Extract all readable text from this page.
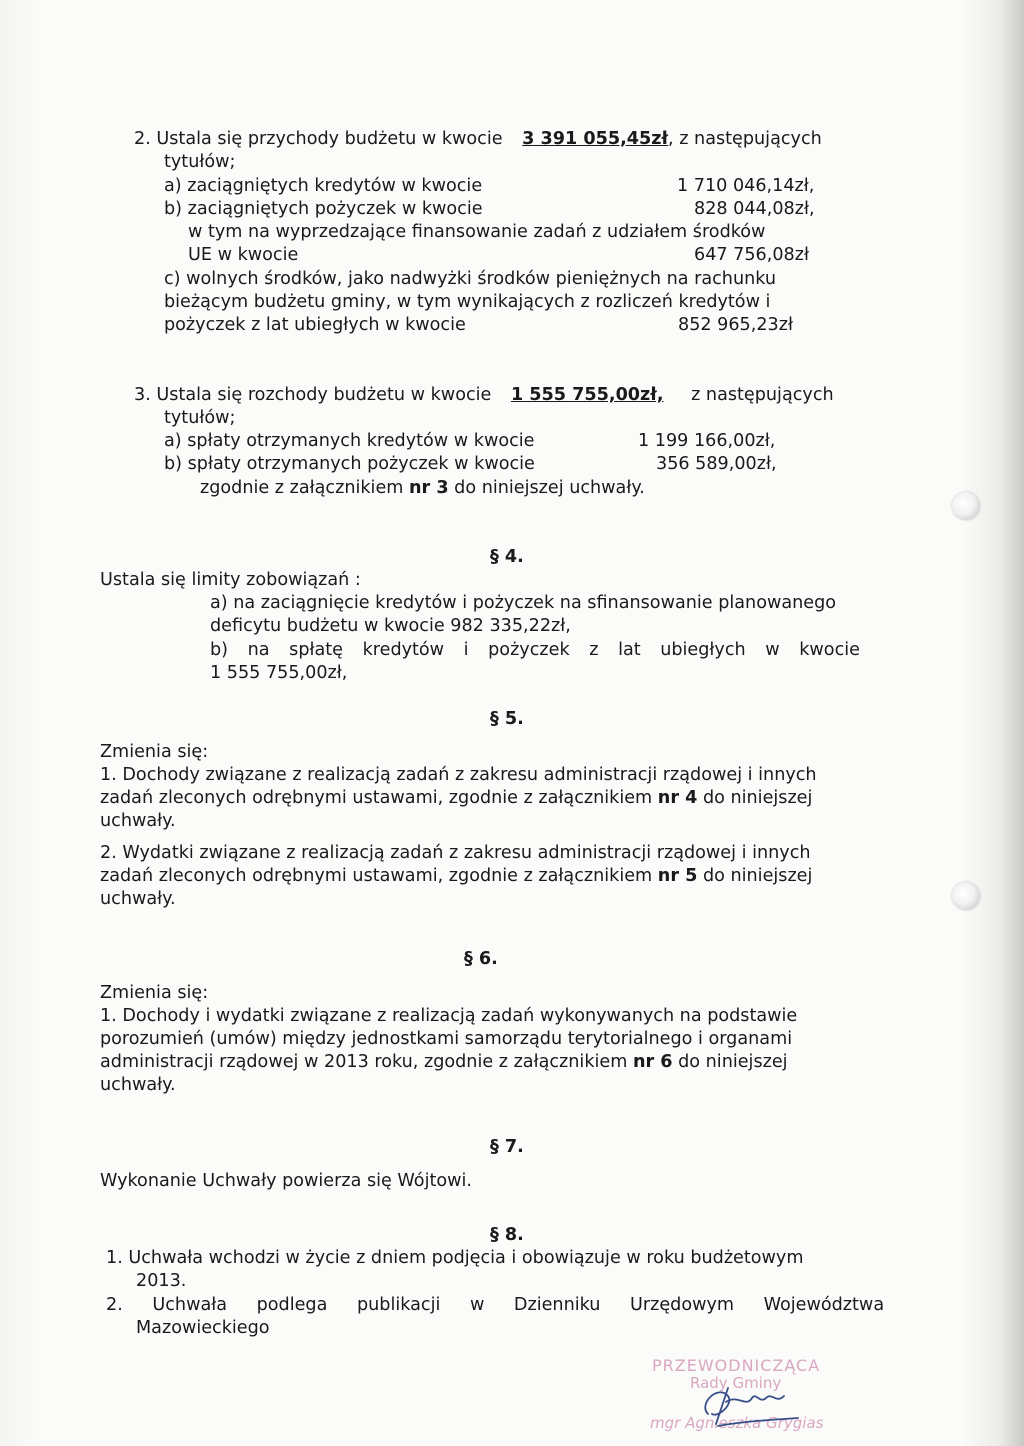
2. Ustala się przychody budżetu w kwocie 3 391 055,45zł, z następujących
tytułów;
a) zaciągniętych kredytów w kwocie	1 710 046,14zł,
b) zaciągniętych pożyczek w kwocie	828 044,08zł,
w tym na wyprzedzające finansowanie zadań z udziałem środków
UE w kwocie	647 756,08zł
c) wolnych środków, jako nadwyżki środków pieniężnych na rachunku
bieżącym budżetu gminy, w tym wynikających z rozliczeń kredytów i
pożyczek z lat ubiegłych w kwocie	852 965,23zł
3. Ustala się rozchody budżetu w kwocie 1 555 755,00zł, z następujących
tytułów;
a) spłaty otrzymanych kredytów w kwocie	1 199 166,00zł,
b) spłaty otrzymanych pożyczek w kwocie	356 589,00zł,
zgodnie z załącznikiem nr 3 do niniejszej uchwały.
§ 4.
Ustala się limity zobowiązań :
a) na zaciągnięcie kredytów i pożyczek na sfinansowanie planowanego
deficytu budżetu w kwocie 982 335,22zł,
b) na spłatę kredytów i pożyczek z lat ubiegłych w kwocie
1 555 755,00zł,
§ 5.
Zmienia się:
1. Dochody związane z realizacją zadań z zakresu administracji rządowej i innych
zadań zleconych odrębnymi ustawami, zgodnie z załącznikiem nr 4 do niniejszej
uchwały.
2. Wydatki związane z realizacją zadań z zakresu administracji rządowej i innych
zadań zleconych odrębnymi ustawami, zgodnie z załącznikiem nr 5 do niniejszej
uchwały.
§ 6.
Zmienia się:
1. Dochody i wydatki związane z realizacją zadań wykonywanych na podstawie
porozumień (umów) między jednostkami samorządu terytorialnego i organami
administracji rządowej w 2013 roku, zgodnie z załącznikiem nr 6 do niniejszej
uchwały.
§ 7.
Wykonanie Uchwały powierza się Wójtowi.
§ 8.
1. Uchwała wchodzi w życie z dniem podjęcia i obowiązuje w roku budżetowym
2013.
2. Uchwała podlega publikacji w Dzienniku Urzędowym Województwa
Mazowieckiego
PRZEWODNICZĄCA
Rady Gminy
mgr Agnieszka Grygias
